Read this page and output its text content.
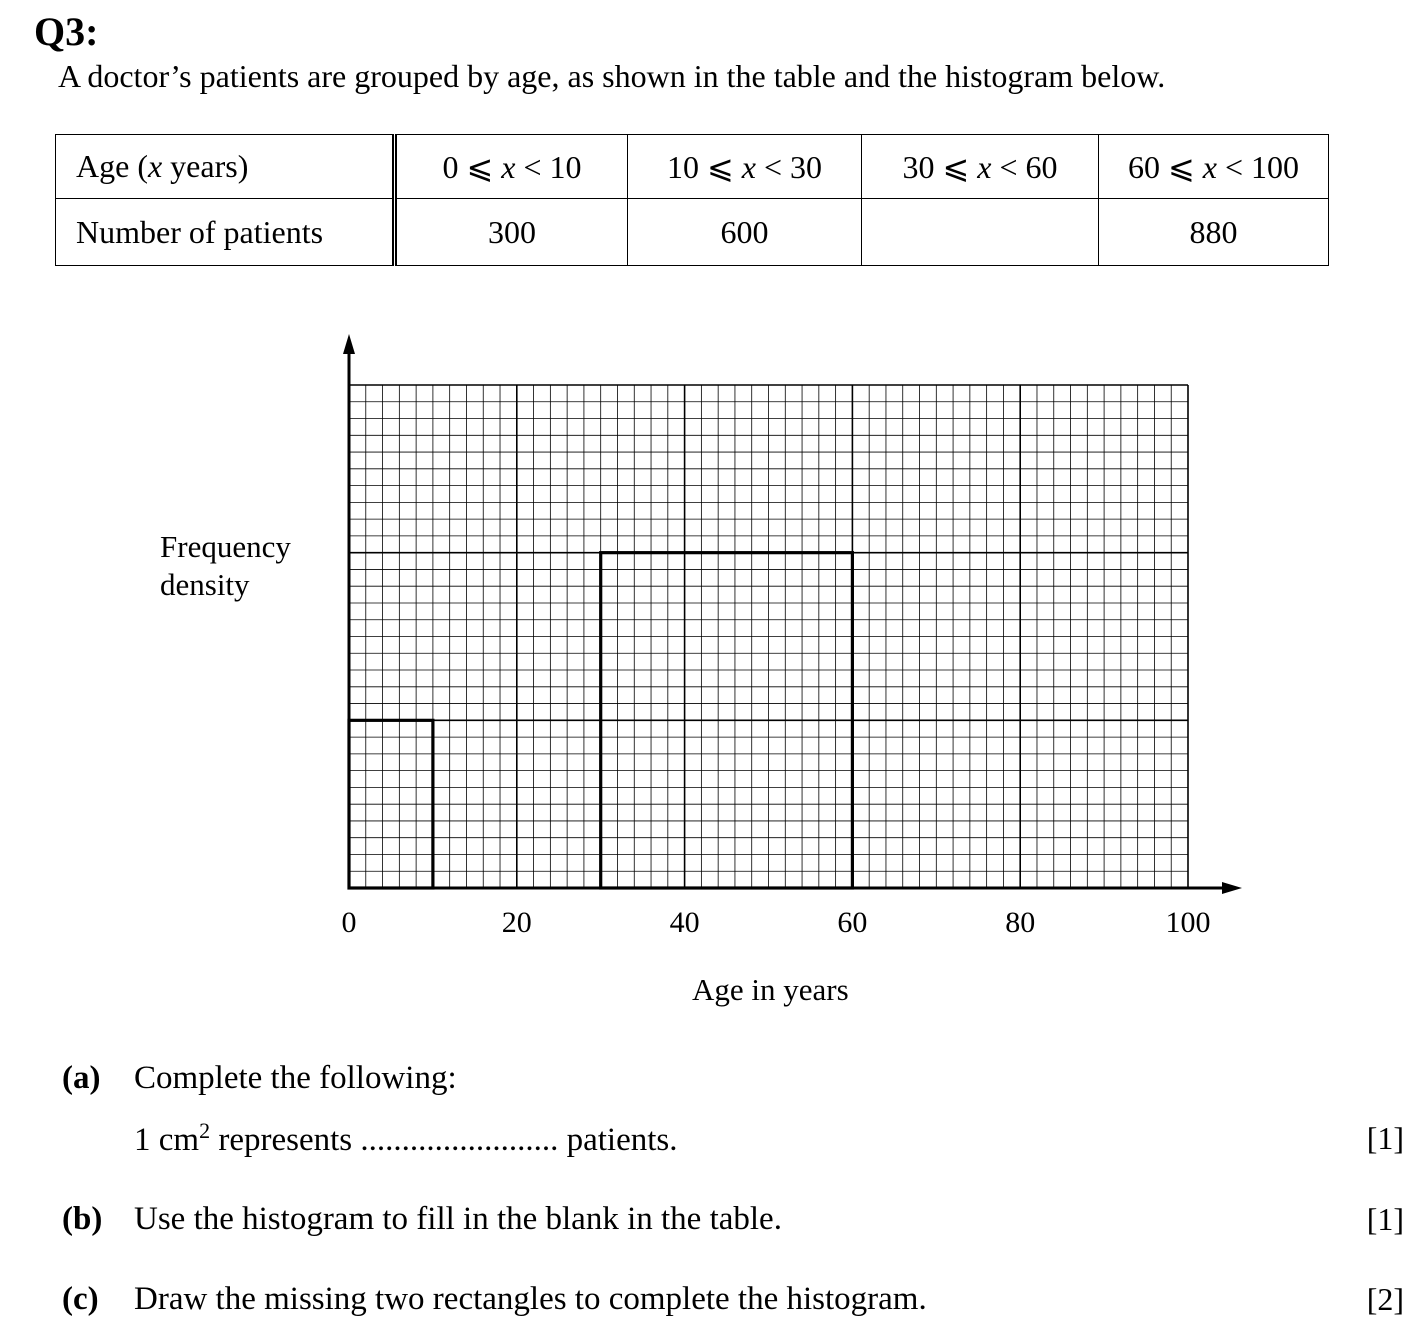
Q3:
A doctor’s patients are grouped by age, as shown in the table and the histogram below.
Age (x years)	0 ⩽ x < 10	10 ⩽ x < 30	30 ⩽ x < 60	60 ⩽ x < 100
Number of patients	300	600		880
Frequency density
0	20	40	60	80	100
Age in years
(a) Complete the following:
1 $cm^2$ represents ........................ patients.	[1]
(b) Use the histogram to fill in the blank in the table.	[1]
(c) Draw the missing two rectangles to complete the histogram.	[2]
